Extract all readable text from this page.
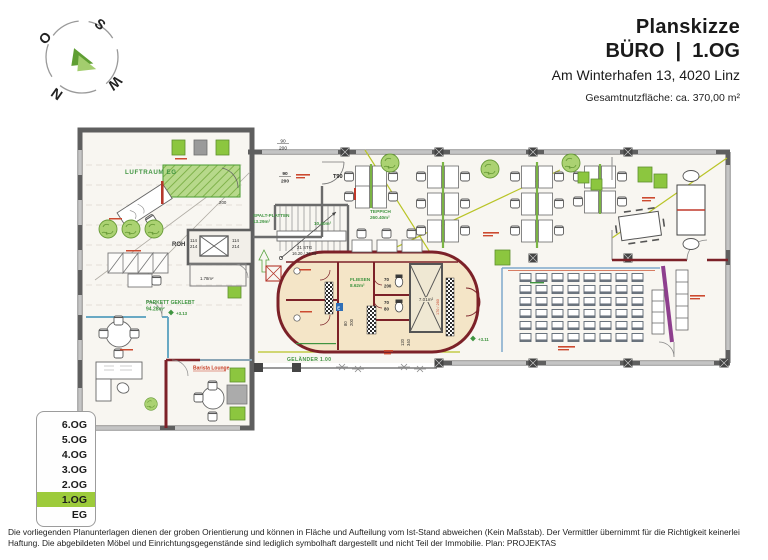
LUFTRAUM EG
SPALT-PLATTEN
13.29m²	10.40m²
21 STG
16.20 / 36.09
PARKETT GEKLEBT
94.28m²
+3.13
TEPPICH
260.40m²
FLIESEN
8.62m²
ROH
114
214
114
214
1.78m²
7.01m²
120 340
T90
90
200
90
200
70
200
70
80
80 200
200
GELÄNDER 1.00
Barista Lounge
+3.11
170 / 260
E
S
O
W
N
Planskizze
BÜRO  |  1.OG
Am Winterhafen 13, 4020 Linz
Gesamtnutzfläche: ca. 370,00 m²
6.OG
5.OG
4.OG
3.OG
2.OG
1.OG
EG
Die vorliegenden Planunterlagen dienen der groben Orientierung und können in Fläche und Aufteilung vom Ist-Stand abweichen (Kein Maßstab). Der Vermittler übernimmt für die Richtigkeit keinerlei Haftung. Die abgebildeten Möbel und Einrichtungsgegenstände sind lediglich symbolhaft dargestellt und nicht Teil der Immobilie. Plan: PROJEKTAS
